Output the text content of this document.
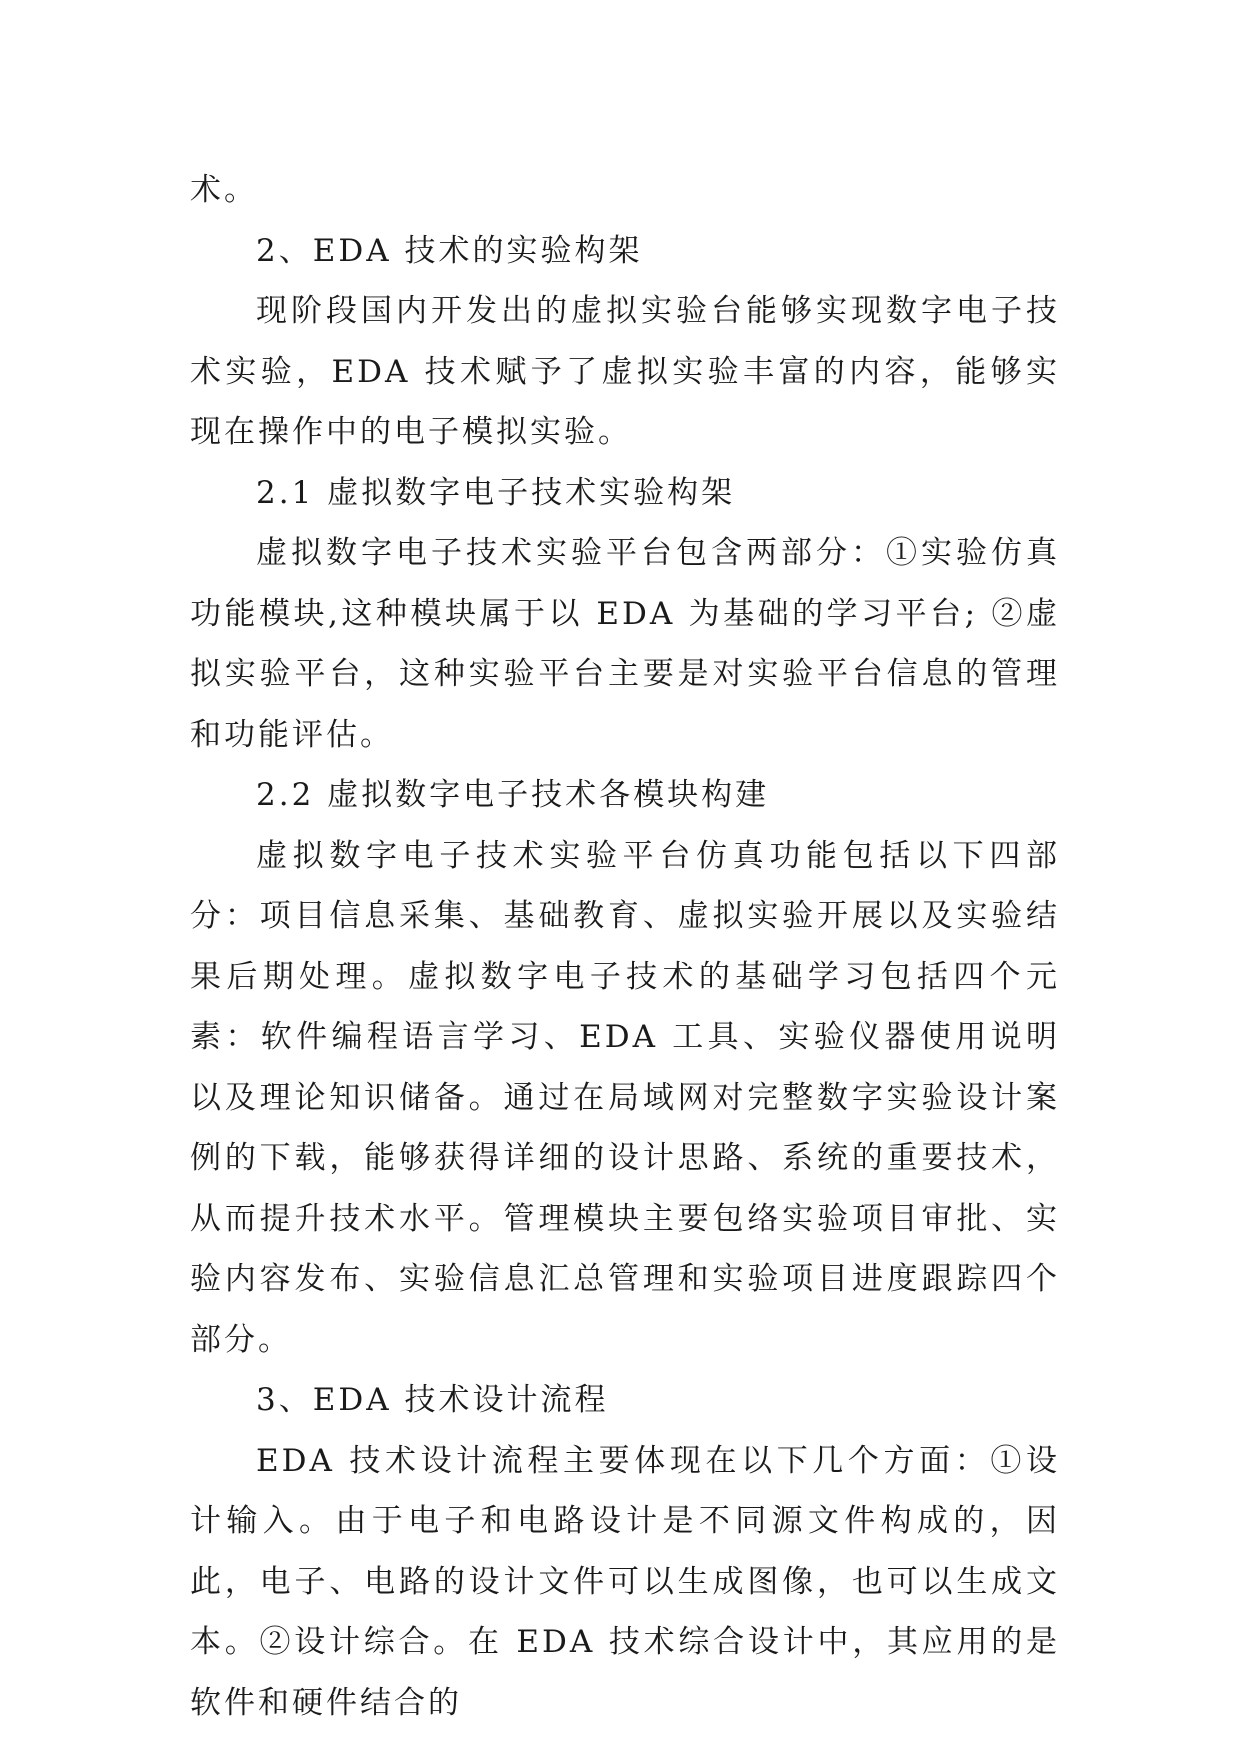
术。

2、EDA 技术的实验构架

现阶段国内开发出的虚拟实验台能够实现数字电子技术实验，EDA 技术赋予了虚拟实验丰富的内容，能够实现在操作中的电子模拟实验。

2.1 虚拟数字电子技术实验构架

虚拟数字电子技术实验平台包含两部分：①实验仿真功能模块,这种模块属于以 EDA 为基础的学习平台; ②虚拟实验平台，这种实验平台主要是对实验平台信息的管理和功能评估。

2.2 虚拟数字电子技术各模块构建

虚拟数字电子技术实验平台仿真功能包括以下四部分：项目信息采集、基础教育、虚拟实验开展以及实验结果后期处理。虚拟数字电子技术的基础学习包括四个元素：软件编程语言学习、EDA 工具、实验仪器使用说明以及理论知识储备。通过在局域网对完整数字实验设计案例的下载，能够获得详细的设计思路、系统的重要技术，从而提升技术水平。管理模块主要包络实验项目审批、实验内容发布、实验信息汇总管理和实验项目进度跟踪四个部分。

3、EDA 技术设计流程

EDA 技术设计流程主要体现在以下几个方面：①设计输入。由于电子和电路设计是不同源文件构成的，因此，电子、电路的设计文件可以生成图像，也可以生成文本。②设计综合。在 EDA 技术综合设计中，其应用的是软件和硬件结合的
